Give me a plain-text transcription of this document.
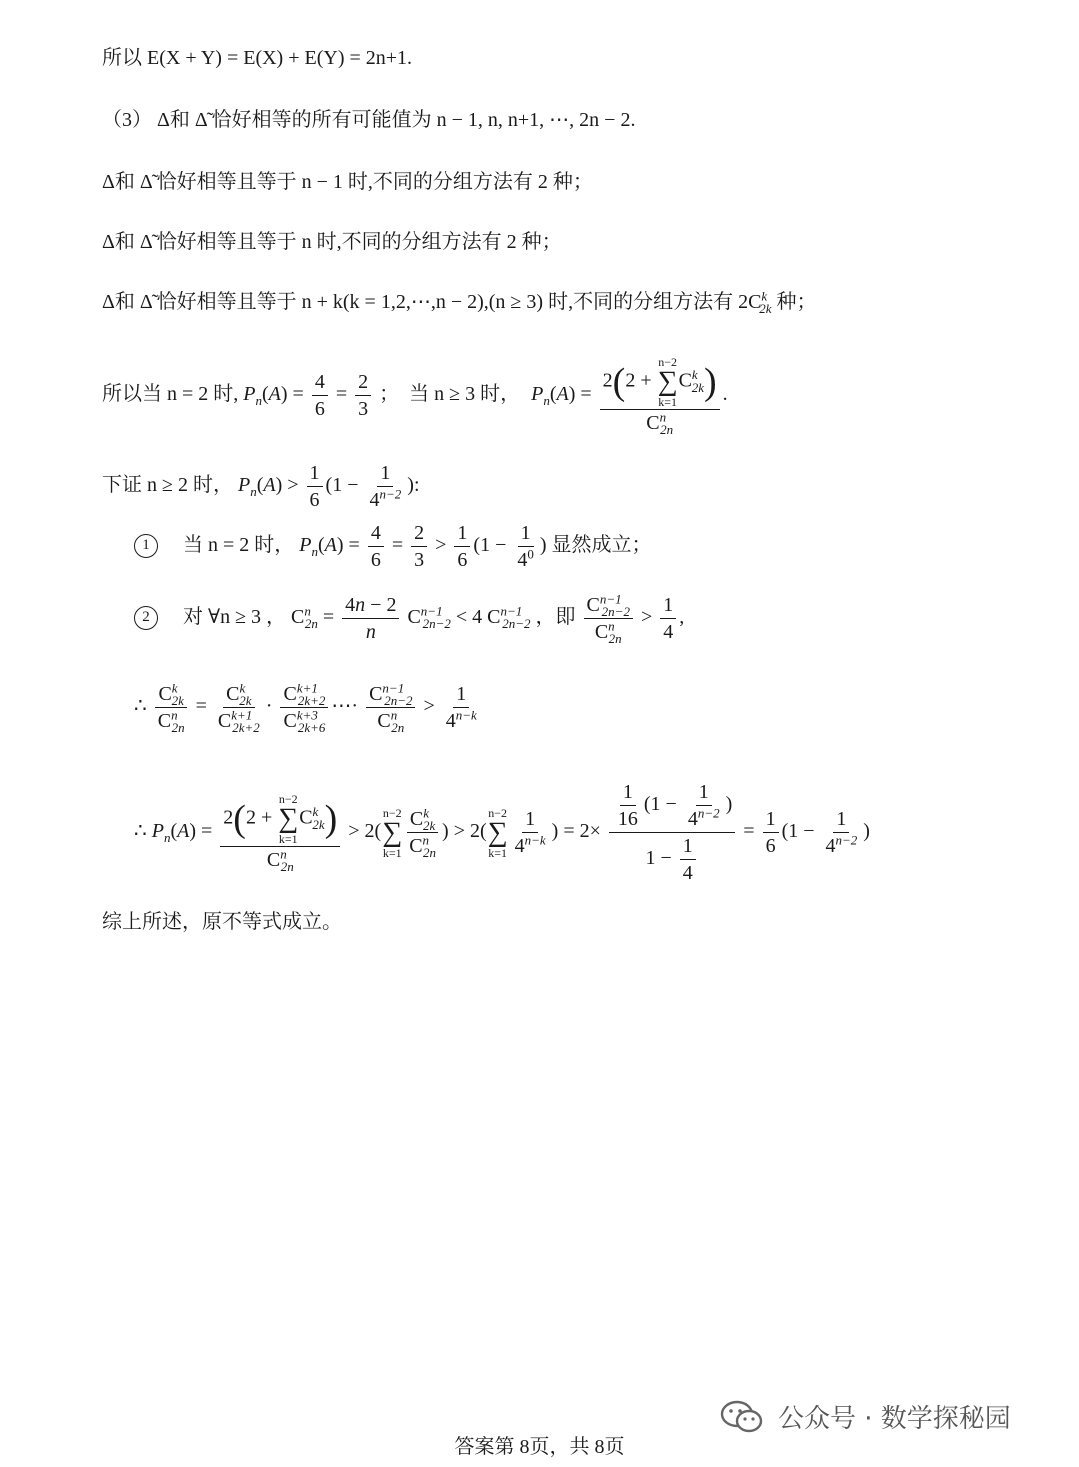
所以 E(X + Y) = E(X) + E(Y) = 2n+1.
（3） Δ和 Δ̃ 恰好相等的所有可能值为 n − 1, n, n+1, ⋯, 2n − 2.
Δ和 Δ̃ 恰好相等且等于 n − 1 时,不同的分组方法有 2 种；
Δ和 Δ̃ 恰好相等且等于 n 时,不同的分组方法有 2 种；
Δ和 Δ̃ 恰好相等且等于 n + k(k = 1,2,⋯,n − 2),(n ≥ 3) 时,不同的分组方法有 $2C^k_{2k}$ 种；
所以当 n = 2 时, $P_n(A) = \frac{4}{6} = \frac{2}{3}$ ；　当 n ≥ 3 时， $P_n(A) = 2(2$ +
n−2
∑
k=1
$C^k_{2k}$)
$C^n_{2n}$ .
下证 n ≥ 2 时， $P_n(A) > \frac{1}{6} (1 - \frac{1}{4^{n-2}}$ ):
1 当 n = 2 时， $P_n(A) = \frac{4}{6} = \frac{2}{3} > \frac{1}{6} (1 - \frac{1}{4^0}$ ) 显然成立；
2 对 ∀n ≥ 3 ， $C^n_{2n} = \frac{4n - 2}{n} C^{n-1}_{2n-2} < 4$ $C^{n-1}_{2n-2}$ ，即 $\frac{C^{n-1}_{2n-2}}{C^n_{2n}} > \frac{1}{4}$ ,
∴ $\frac{C^k_{2k}}{C^n_{2n}} = \frac{C^k_{2k}}{C^{k+1}_{2k+2}} \cdot \frac{C^{k+1}_{2k+2}}{C^{k+3}_{2k+6}}$ ⋯· $\frac{C^{n-1}_{2n-2}}{C^n_{2n}} > \frac{1}{4^{n-k}}$
∴ $P_n(A) = 2(2$ +
n−2
∑
k=1
$C^k_{2k}$)
$C^n_{2n} > 2$(
n−2
∑
$k=1 \frac{C^k_{2k}}{C^n_{2n}}$ ) > 2(
n−2
∑
$k=1 \frac{1}{4^{n-k}}$ ) = $2\times \frac{\frac{1}{16} (1 - \frac{1}{4^{n-2}} )}{1 - \frac{1}{4}} = \frac{1}{6} (1 - \frac{1}{4^{n-2}}$ )
综上所述，原不等式成立。
公众号 · 数学探秘园
答案第 8页，共 8页
